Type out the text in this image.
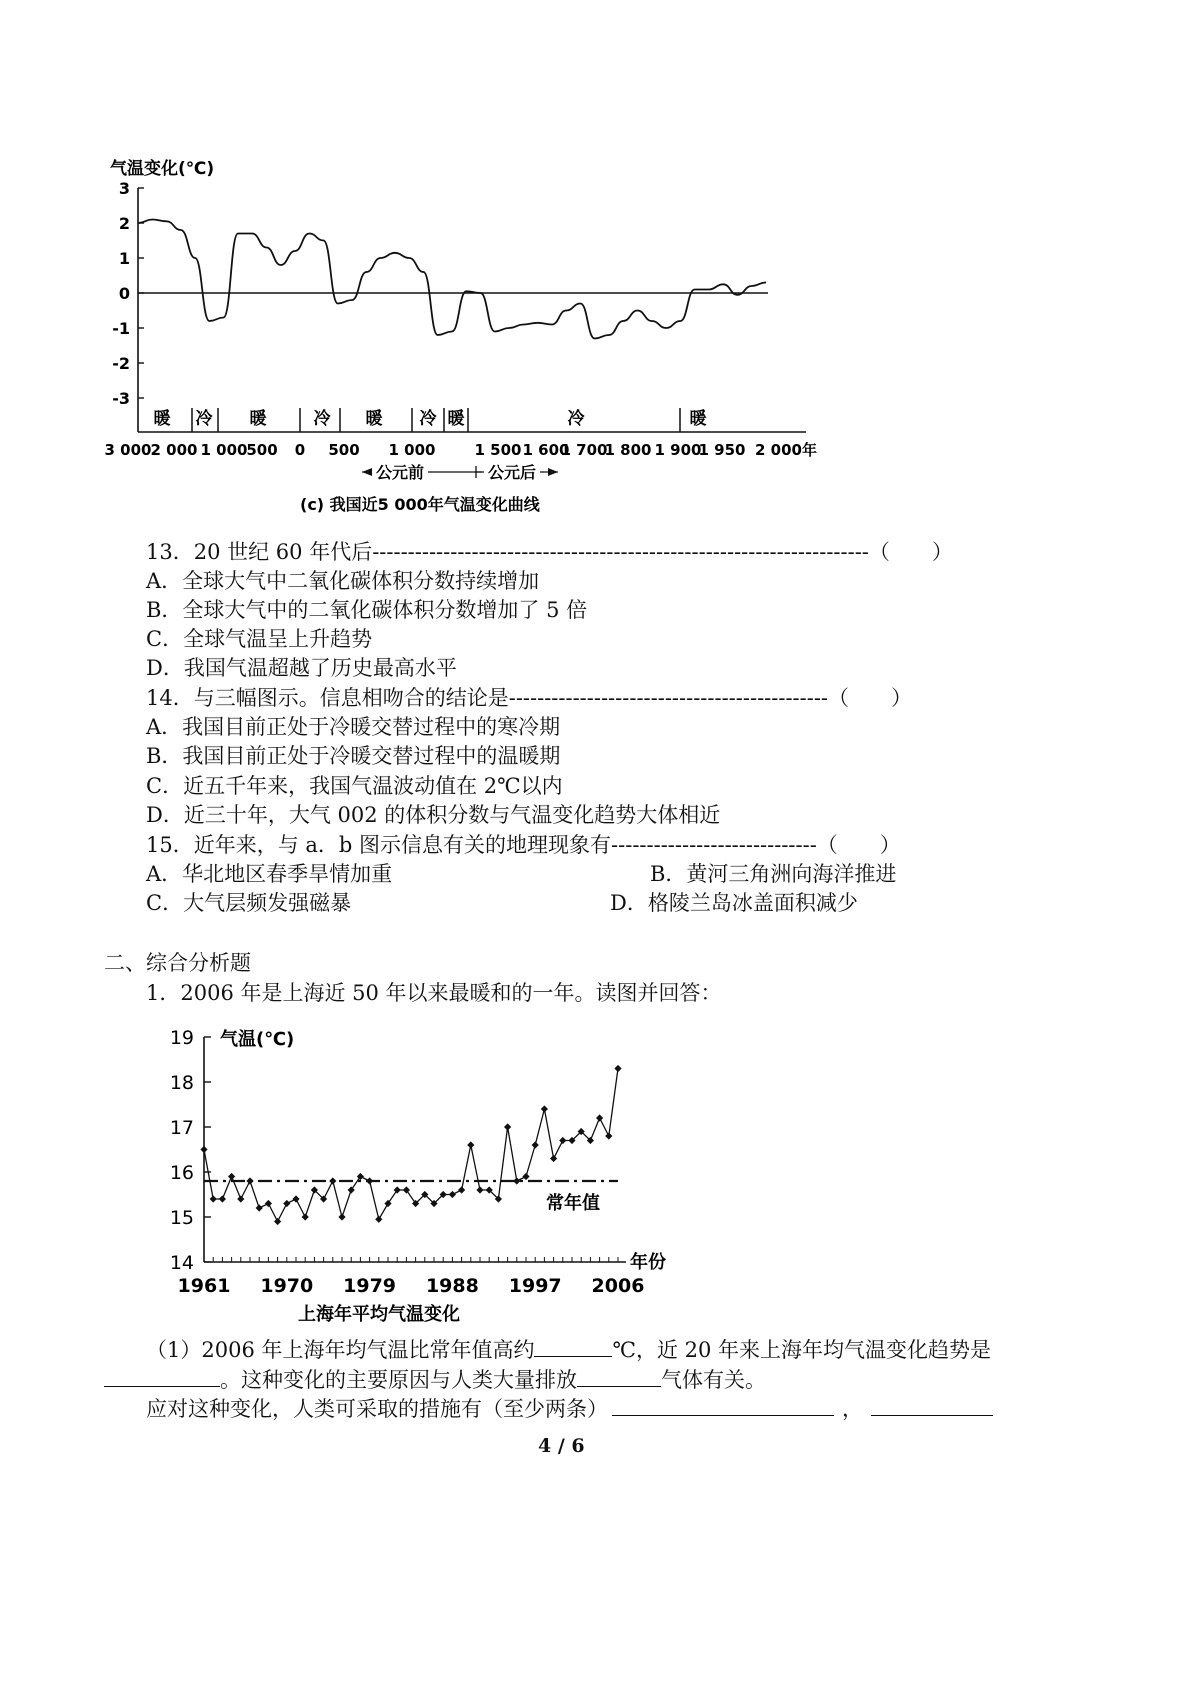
气温变化(℃)
3
2
1
0
-1
-2
-3
暖 冷 暖	冷 暖 冷 暖	冷	暖
3 000 2 000 1 000
500 0 500 1 000	1 500 1 600
1 700
1 800 1 900
1 950 2 000年
公元前	公元后
(c) 我国近5 000年气温变化曲线
13．20 世纪 60 年代后----------------------------------------------------------------------（　　）
A．全球大气中二氧化碳体积分数持续增加
B．全球大气中的二氧化碳体积分数增加了 5 倍
C．全球气温呈上升趋势
D．我国气温超越了历史最高水平
14．与三幅图示。信息相吻合的结论是---------------------------------------------（　　）
A．我国目前正处于冷暖交替过程中的寒冷期
B．我国目前正处于冷暖交替过程中的温暖期
C．近五千年来，我国气温波动值在 2℃以内
D．近三十年，大气 002 的体积分数与气温变化趋势大体相近
15．近年来，与 a．b 图示信息有关的地理现象有-----------------------------（　　）
A．华北地区春季旱情加重	B．黄河三角洲向海洋推进
C．大气层频发强磁暴	D．格陵兰岛冰盖面积减少
二、综合分析题
1．2006 年是上海近 50 年以来最暖和的一年。读图并回答：
气温(℃)
19
18
17
16
15
14
1961 1970 1979 1988 1997 2006
年份
常年值
上海年平均气温变化
（1）2006 年上海年均气温比常年值高约	℃，近 20 年来上海年均气温变化趋势是
。这种变化的主要原因与人类大量排放	气体有关。
应对这种变化，人类可采取的措施有（至少两条）	，
4 / 6
